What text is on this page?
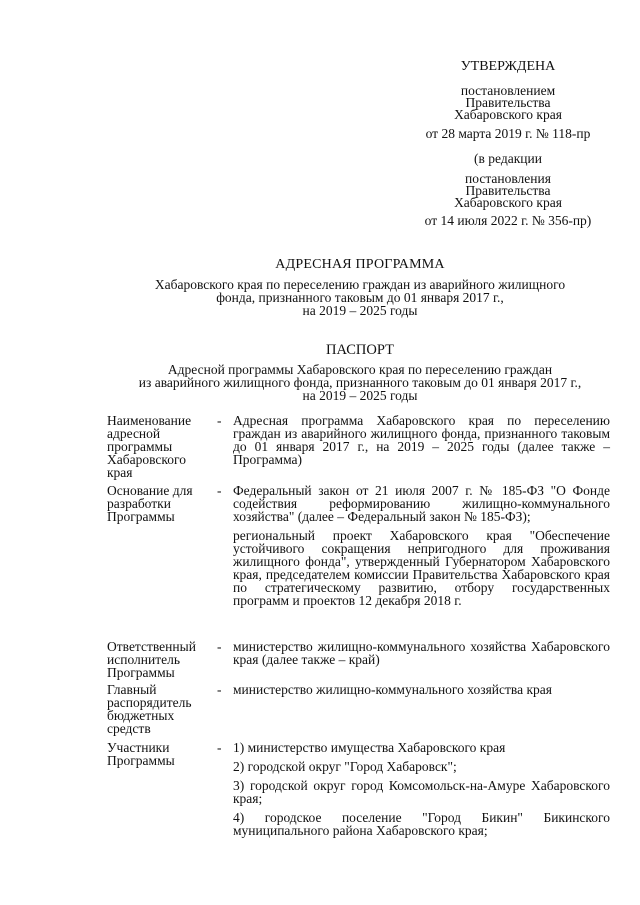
УТВЕРЖДЕНА
постановлением
Правительства
Хабаровского края
от 28 марта 2019 г. № 118-пр
(в редакции
постановления
Правительства
Хабаровского края
от 14 июля 2022 г. № 356-пр)
АДРЕСНАЯ ПРОГРАММА
Хабаровского края по переселению граждан из аварийного жилищного
фонда, признанного таковым до 01 января 2017 г.,
на 2019 – 2025 годы
ПАСПОРТ
Адресной программы Хабаровского края по переселению граждан
из аварийного жилищного фонда, признанного таковым до 01 января 2017 г.,
на 2019 – 2025 годы
Наименование адресной программы Хабаровского края
- Адресная программа Хабаровского края по переселению граждан из аварийного жилищного фонда, признанного таковым до 01 января 2017 г., на 2019 – 2025 годы (далее также – Программа)

Основание для разработки Программы
- Федеральный закон от 21 июля 2007 г. № 185-ФЗ "О Фонде содействия реформированию жилищно-коммунального хозяйства" (далее – Федеральный закон № 185-ФЗ);

региональный проект Хабаровского края "Обеспечение устойчивого сокращения непригодного для проживания жилищного фонда", утвержденный Губернатором Хабаровского края, председателем комиссии Правительства Хабаровского края по стратегическому развитию, отбору государственных программ и проектов 12 декабря 2018 г.

Ответственный исполнитель Программы
- министерство жилищно-коммунального хозяйства Хабаровского края (далее также – край)

Главный распорядитель бюджетных средств
- министерство жилищно-коммунального хозяйства края

Участники Программы
- 1) министерство имущества Хабаровского края

2) городской округ "Город Хабаровск";

3) городской округ город Комсомольск-на-Амуре Хабаровского края;

4) городское поселение "Город Бикин" Бикинского муниципального района Хабаровского края;
